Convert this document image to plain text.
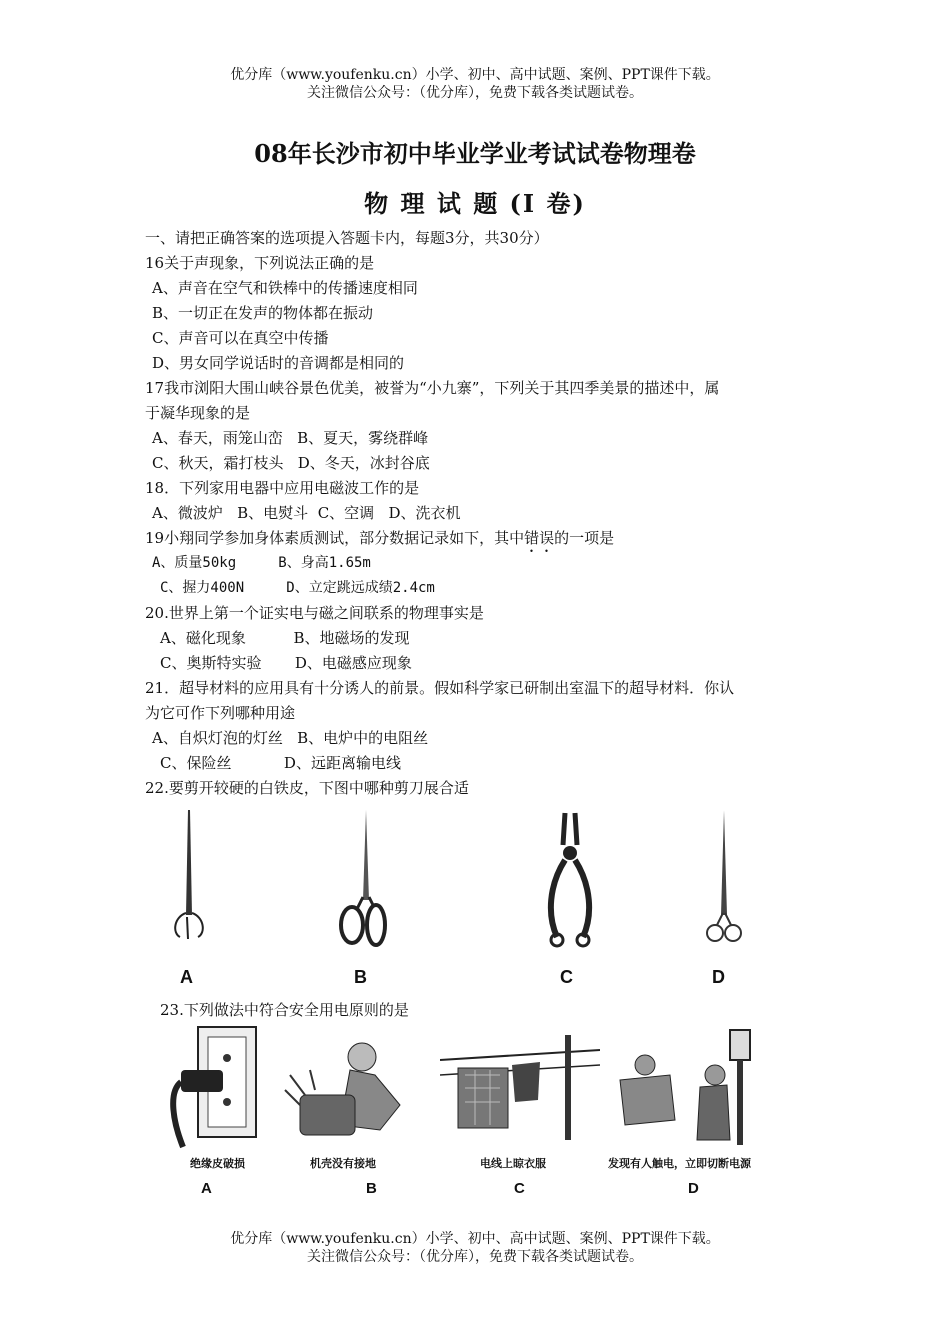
优分库（www.youfenku.cn）小学、初中、高中试题、案例、PPT课件下载。
关注微信公众号：（优分库），免费下载各类试题试卷。
08年长沙市初中毕业学业考试试卷物理卷
物 理 试 题 (I 卷)
一、请把正确答案的选项提入答题卡内，每题3分，共30分）
16关于声现象，下列说法正确的是
A、声音在空气和铁棒中的传播速度相同
B、一切正在发声的物体都在振动
C、声音可以在真空中传播
D、男女同学说话时的音调都是相同的
17我市浏阳大围山峡谷景色优美，被誉为“小九寨”，下列关于其四季美景的描述中，属
于凝华现象的是
A、春天，雨笼山峦   B、夏天，雾绕群峰
C、秋天，霜打枝头   D、冬天，冰封谷底
18．下列家用电器中应用电磁波工作的是
A、微波炉   B、电熨斗  C、空调   D、洗衣机
19小翔同学参加身体素质测试，部分数据记录如下，其中错误的一项是
A、质量50kg     B、身高1.65m
C、握力400N     D、立定跳远成绩2.4cm
20.世界上第一个证实电与磁之间联系的物理事实是
A、磁化现象          B、地磁场的发现
C、奥斯特实验       D、电磁感应现象
21．超导材料的应用具有十分诱人的前景。假如科学家已研制出室温下的超导材料．你认
为它可作下列哪种用途
A、自炽灯泡的灯丝   B、电炉中的电阻丝
C、保险丝           D、远距离输电线
22.要剪开较硬的白铁皮，下图中哪种剪刀展合适
A	B	C	D
23.下列做法中符合安全用电原则的是
绝缘皮破损	机壳没有接地	电线上晾衣服	发现有人触电，立即切断电源
A	B	C	D
优分库（www.youfenku.cn）小学、初中、高中试题、案例、PPT课件下载。
关注微信公众号：（优分库），免费下载各类试题试卷。
